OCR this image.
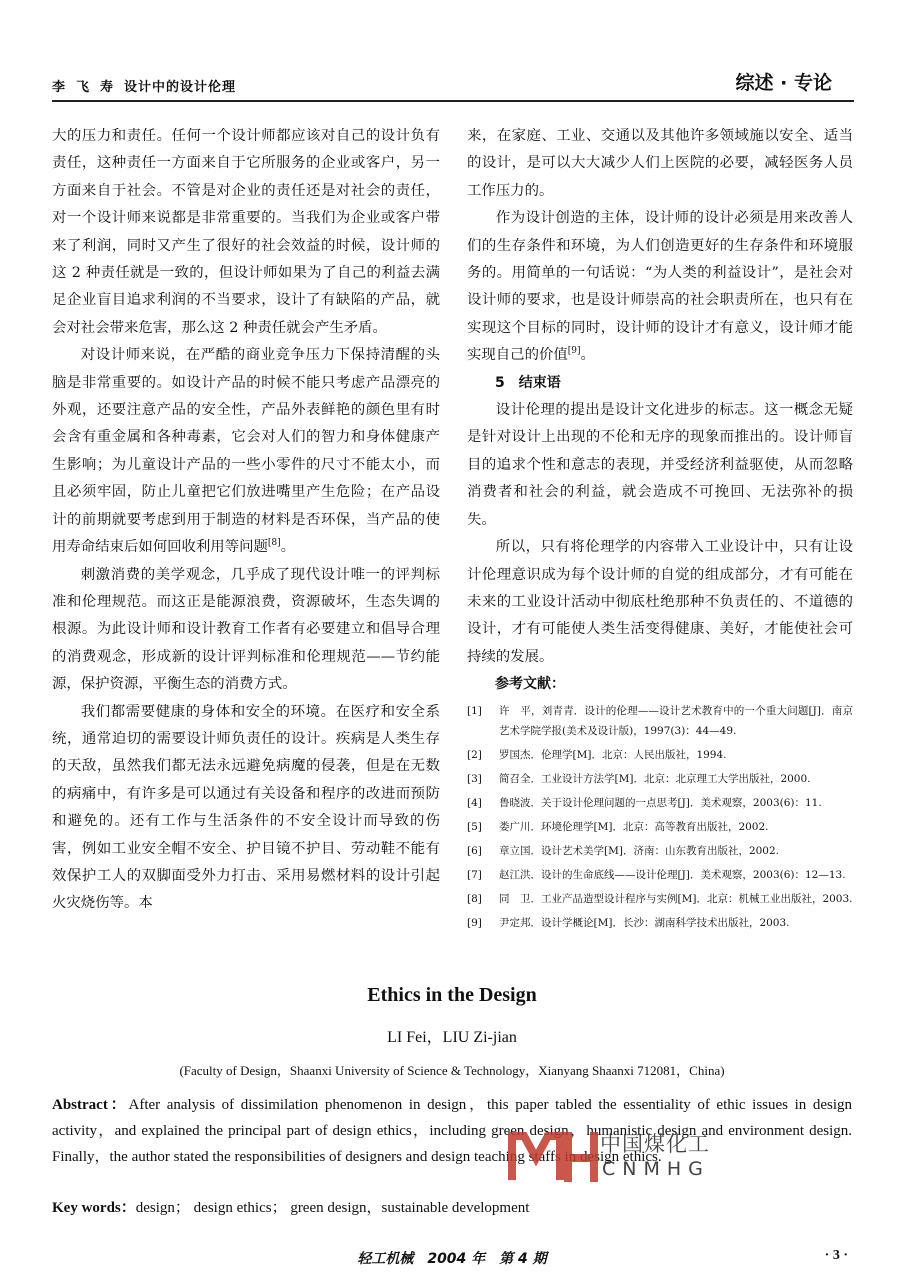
李 飞 寿 设计中的设计伦理	综述 · 专论

大的压力和责任。任何一个设计师都应该对自己的设计负有责任，这种责任一方面来自于它所服务的企业或客户，另一方面来自于社会。不管是对企业的责任还是对社会的责任，对一个设计师来说都是非常重要的。当我们为企业或客户带来了利润，同时又产生了很好的社会效益的时候，设计师的这 2 种责任就是一致的，但设计师如果为了自己的利益去满足企业盲目追求利润的不当要求，设计了有缺陷的产品，就会对社会带来危害，那么这 2 种责任就会产生矛盾。

对设计师来说，在严酷的商业竞争压力下保持清醒的头脑是非常重要的。如设计产品的时候不能只考虑产品漂亮的外观，还要注意产品的安全性，产品外表鲜艳的颜色里有时会含有重金属和各种毒素，它会对人们的智力和身体健康产生影响；为儿童设计产品的一些小零件的尺寸不能太小，而且必须牢固，防止儿童把它们放进嘴里产生危险；在产品设计的前期就要考虑到用于制造的材料是否环保，当产品的使用寿命结束后如何回收利用等问题[8]。

刺激消费的美学观念，几乎成了现代设计唯一的评判标准和伦理规范。而这正是能源浪费，资源破坏，生态失调的根源。为此设计师和设计教育工作者有必要建立和倡导合理的消费观念，形成新的设计评判标准和伦理规范——节约能源，保护资源，平衡生态的消费方式。

我们都需要健康的身体和安全的环境。在医疗和安全系统，通常迫切的需要设计师负责任的设计。疾病是人类生存的天敌，虽然我们都无法永远避免病魔的侵袭，但是在无数的病痛中，有许多是可以通过有关设备和程序的改进而预防和避免的。还有工作与生活条件的不安全设计而导致的伤害，例如工业安全帽不安全、护目镜不护目、劳动鞋不能有效保护工人的双脚面受外力打击、采用易燃材料的设计引起火灾烧伤等。本

来，在家庭、工业、交通以及其他许多领域施以安全、适当的设计，是可以大大减少人们上医院的必要，减轻医务人员工作压力的。

作为设计创造的主体，设计师的设计必须是用来改善人们的生存条件和环境，为人们创造更好的生存条件和环境服务的。用简单的一句话说：“为人类的利益设计”，是社会对设计师的要求，也是设计师崇高的社会职责所在，也只有在实现这个目标的同时，设计师的设计才有意义，设计师才能实现自己的价值[9]。

5　 结束语

设计伦理的提出是设计文化进步的标志。这一概念无疑是针对设计上出现的不伦和无序的现象而推出的。设计师盲目的追求个性和意志的表现，并受经济利益驱使，从而忽略消费者和社会的利益，就会造成不可挽回、无法弥补的损失。

所以，只有将伦理学的内容带入工业设计中，只有让设计伦理意识成为每个设计师的自觉的组成部分，才有可能在未来的工业设计活动中彻底杜绝那种不负责任的、不道德的设计，才有可能使人类生活变得健康、美好，才能使社会可持续的发展。

参考文献：

[1]	许　平，刘青青．设计的伦理——设计艺术教育中的一个重大问题[J]．南京艺术学院学报(美术及设计版)，1997(3)：44—49.
[2]	罗国杰．伦理学[M]．北京：人民出版社，1994.
[3]	简召全．工业设计方法学[M]．北京：北京理工大学出版社，2000.
[4]	鲁晓波．关于设计伦理问题的一点思考[J]．美术观察，2003(6)：11.
[5]	娄广川．环境伦理学[M]．北京：高等教育出版社，2002.
[6]	章立国．设计艺术美学[M]．济南：山东教育出版社，2002.
[7]	赵江洪．设计的生命底线——设计伦理[J]．美术观察，2003(6)：12—13.
[8]	同　卫．工业产品造型设计程序与实例[M]．北京：机械工业出版社，2003.
[9]	尹定邦．设计学概论[M]．长沙：湖南科学技术出版社，2003.
Ethics in the Design
LI Fei，LIU Zi-jian
(Faculty of Design，Shaanxi University of Science & Technology，Xianyang Shaanxi 712081，China)
Abstract：After analysis of dissimilation phenomenon in design，this paper tabled the essentiality of ethic issues in design activity，and explained the principal part of design ethics，including green design，humanistic design and environment design. Finally，the author stated the responsibilities of designers and design teaching staffs in design ethics.
Key words：design； design ethics； green design，sustainable development
中国煤化工
CNMHG
轻工机械　2004 年　第 4 期	· 3 ·
